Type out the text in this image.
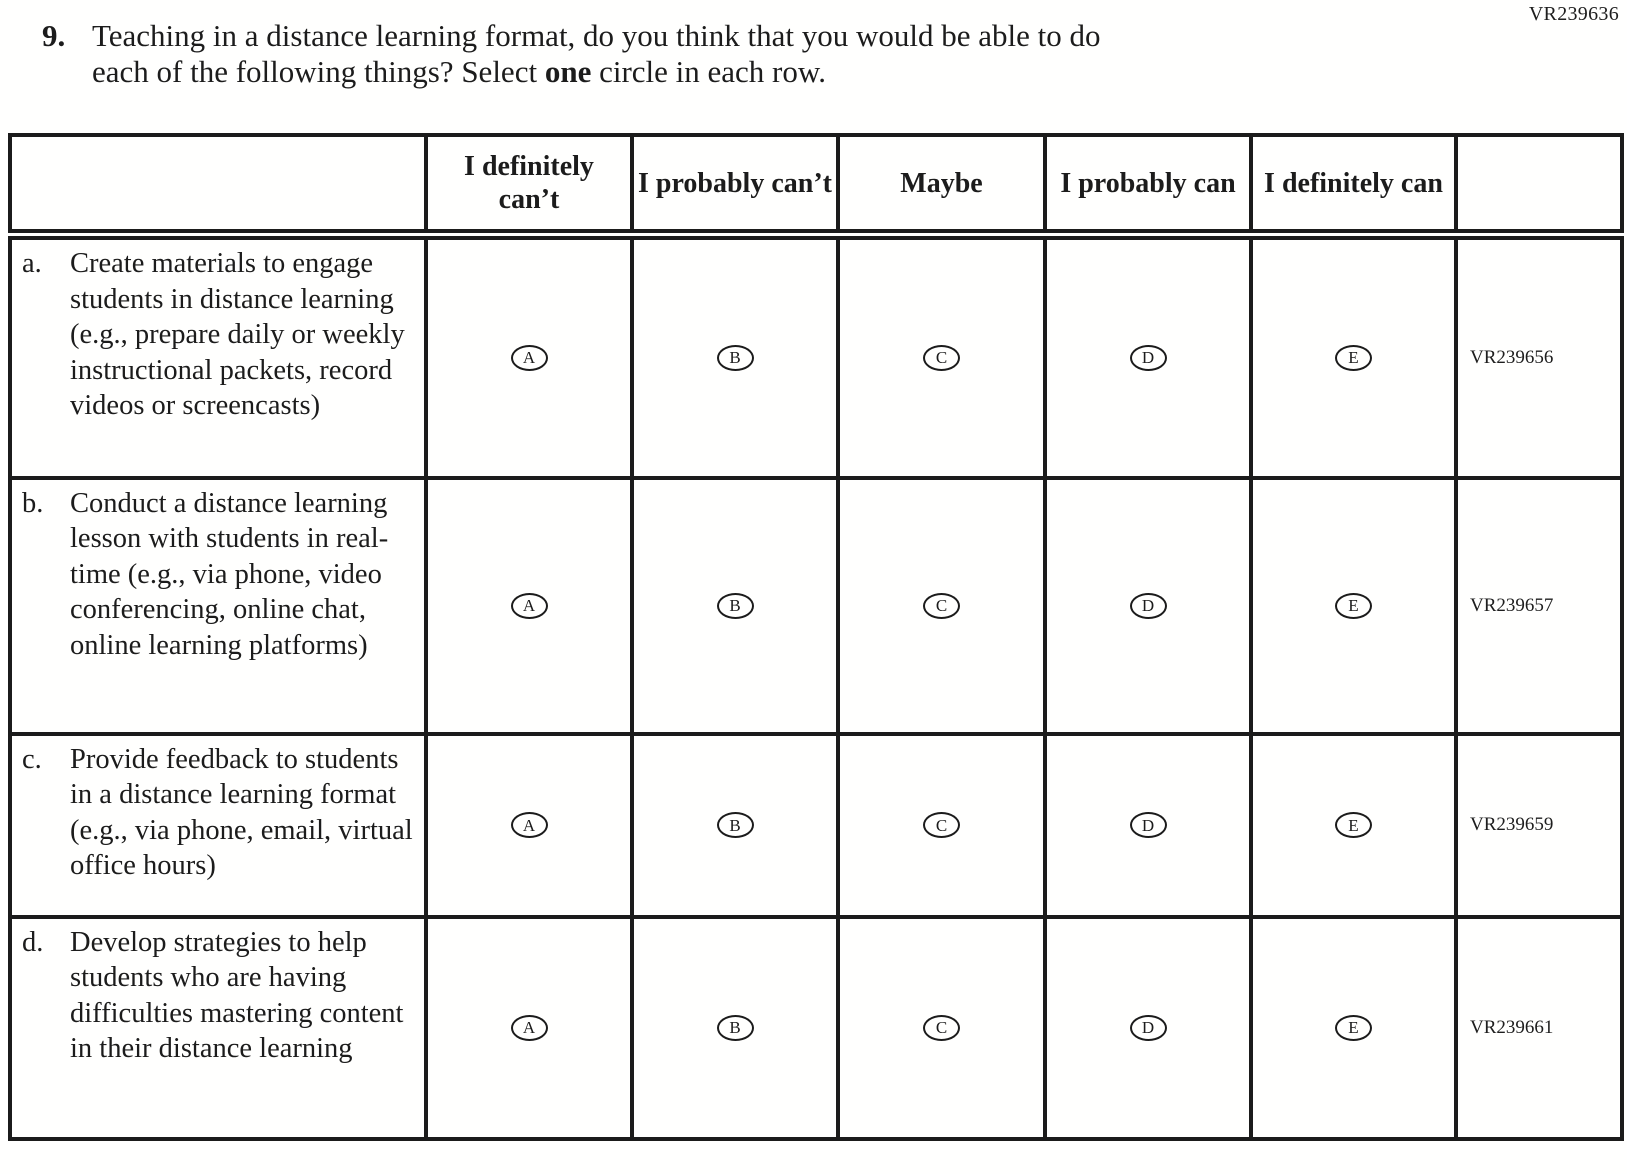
VR239636
9. Teaching in a distance learning format, do you think that you would be able to do
each of the following things? Select one circle in each row.
	I definitely can’t	I probably can’t	Maybe	I probably can	I definitely can	

a. Create materials to engage students in distance learning (e.g., prepare daily or weekly instructional packets, record videos or screencasts)	A	B	C	D	E	VR239656

b. Conduct a distance learning lesson with students in real-time (e.g., via phone, video conferencing, online chat, online learning platforms)	A	B	C	D	E	VR239657

c. Provide feedback to students in a distance learning format (e.g., via phone, email, virtual office hours)	A	B	C	D	E	VR239659

d. Develop strategies to help students who are having difficulties mastering content in their distance learning	A	B	C	D	E	VR239661
